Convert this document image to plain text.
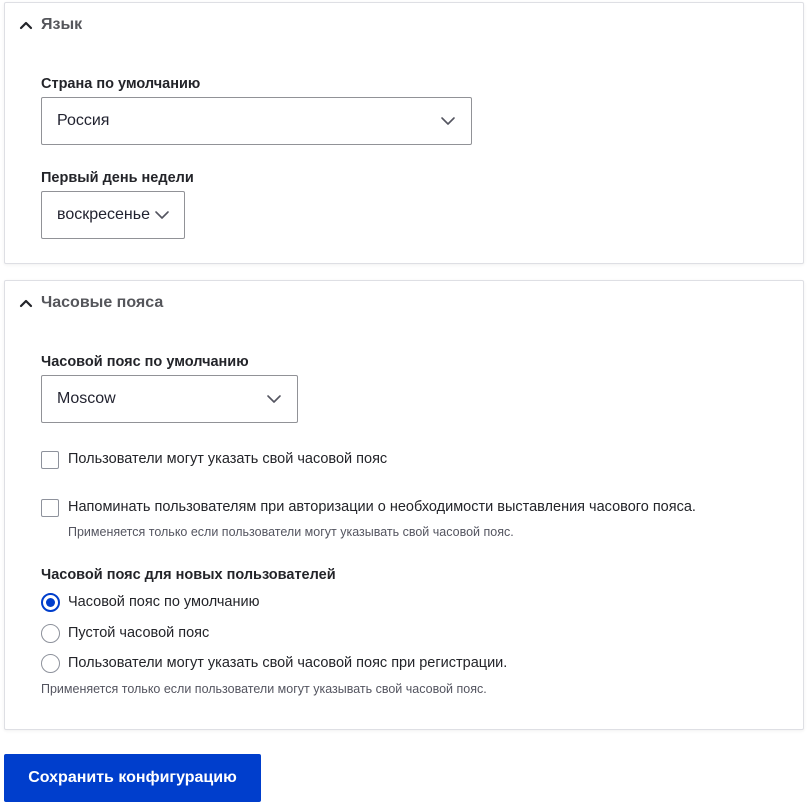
Язык
Страна по умолчанию
Россия
Первый день недели
воскресенье
Часовые пояса
Часовой пояс по умолчанию
Moscow
Пользователи могут указать свой часовой пояс
Напоминать пользователям при авторизации о необходимости выставления часового пояса.
Применяется только если пользователи могут указывать свой часовой пояс.
Часовой пояс для новых пользователей
Часовой пояс по умолчанию
Пустой часовой пояс
Пользователи могут указать свой часовой пояс при регистрации.
Применяется только если пользователи могут указывать свой часовой пояс.
Сохранить конфигурацию
